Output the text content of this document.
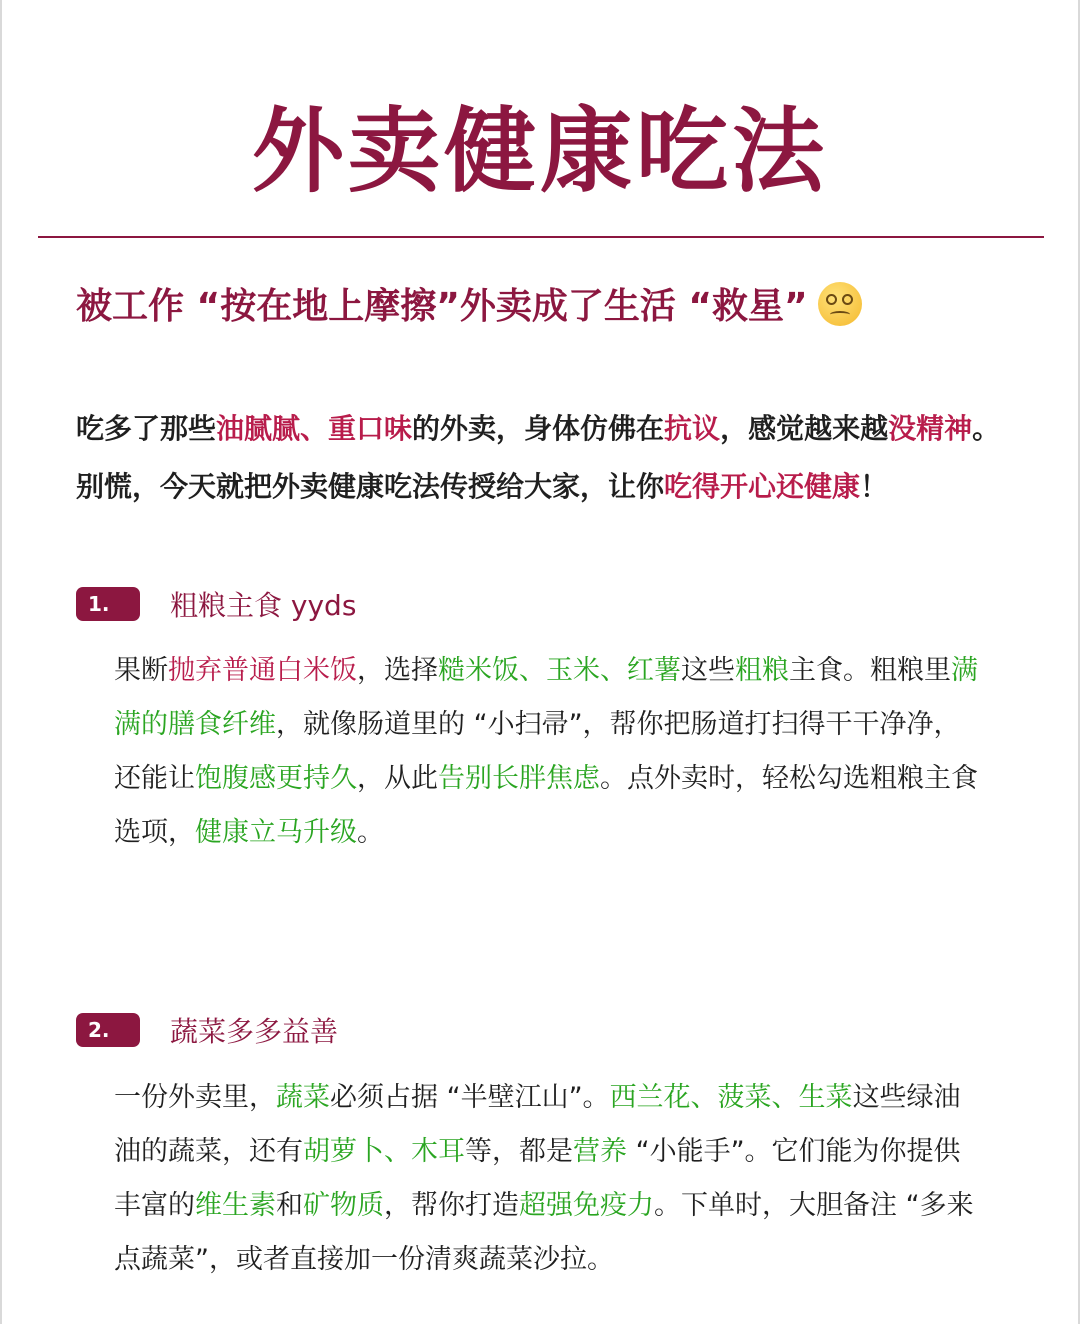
外卖健康吃法
被工作 “按在地上摩擦”外卖成了生活 “救星”
吃多了那些油腻腻、重口味的外卖，身体仿佛在抗议，感觉越来越没精神。别慌，今天就把外卖健康吃法传授给大家，让你吃得开心还健康！
1.	粗粮主食 yyds
果断抛弃普通白米饭，选择糙米饭、玉米、红薯这些粗粮主食。粗粮里满满的膳食纤维，就像肠道里的 “小扫帚”，帮你把肠道打扫得干干净净，还能让饱腹感更持久，从此告别长胖焦虑。点外卖时，轻松勾选粗粮主食选项，健康立马升级。
2.	蔬菜多多益善
一份外卖里，蔬菜必须占据 “半壁江山”。西兰花、菠菜、生菜这些绿油油的蔬菜，还有胡萝卜、木耳等，都是营养 “小能手”。它们能为你提供丰富的维生素和矿物质，帮你打造超强免疫力。下单时，大胆备注 “多来点蔬菜”，或者直接加一份清爽蔬菜沙拉。
